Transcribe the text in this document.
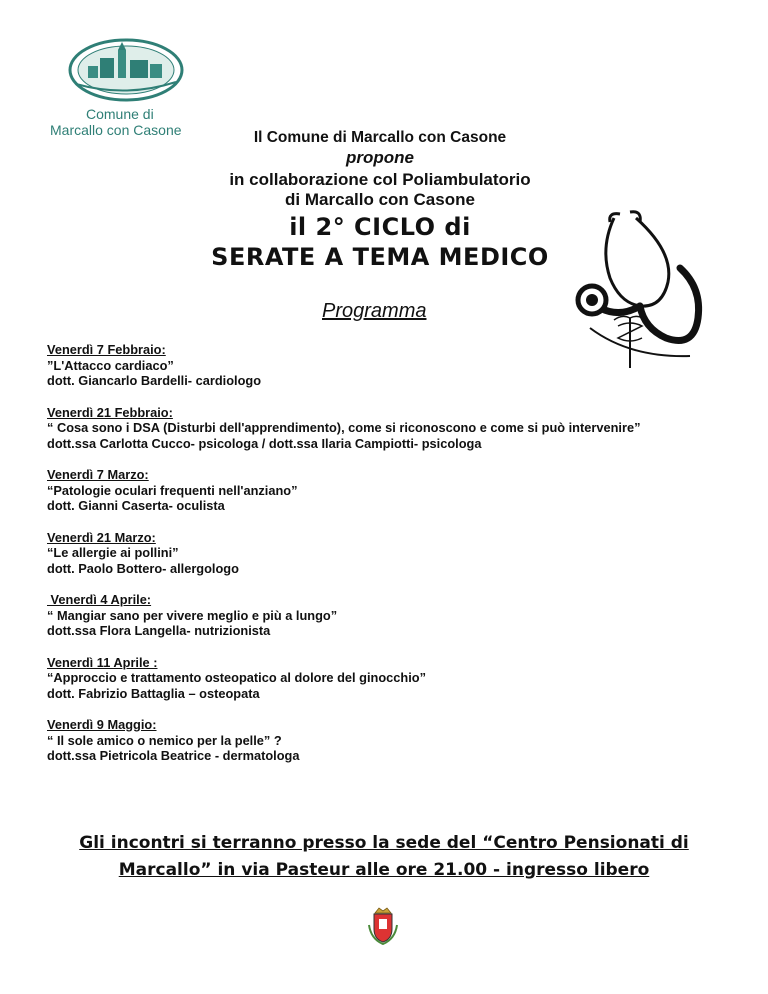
Comune di
Marcallo con Casone	Il Comune di Marcallo con Casone
propone
in collaborazione col Poliambulatorio
di Marcallo con Casone
il 2° CICLO di
SERATE A TEMA MEDICO
Programma
Venerdì 7 Febbraio:
”L'Attacco cardiaco”
dott. Giancarlo Bardelli- cardiologo
Venerdì 21 Febbraio:
“ Cosa sono i DSA (Disturbi dell'apprendimento), come si riconoscono e come si può intervenire”
dott.ssa Carlotta Cucco- psicologa / dott.ssa Ilaria Campiotti- psicologa
Venerdì 7 Marzo:
“Patologie oculari frequenti nell'anziano”
dott. Gianni Caserta- oculista
Venerdì 21 Marzo:
“Le allergie ai pollini”
dott. Paolo Bottero- allergologo
Venerdì 4 Aprile:
“ Mangiar sano per vivere meglio e più a lungo”
dott.ssa Flora Langella- nutrizionista
Venerdì 11 Aprile :
“Approccio e trattamento osteopatico al dolore del ginocchio”
dott. Fabrizio Battaglia – osteopata
Venerdì 9 Maggio:
“ Il sole amico o nemico per la pelle” ?
dott.ssa Pietricola Beatrice - dermatologa
Gli incontri si terranno presso la sede del “Centro Pensionati di Marcallo” in via Pasteur alle ore 21.00 - ingresso libero
